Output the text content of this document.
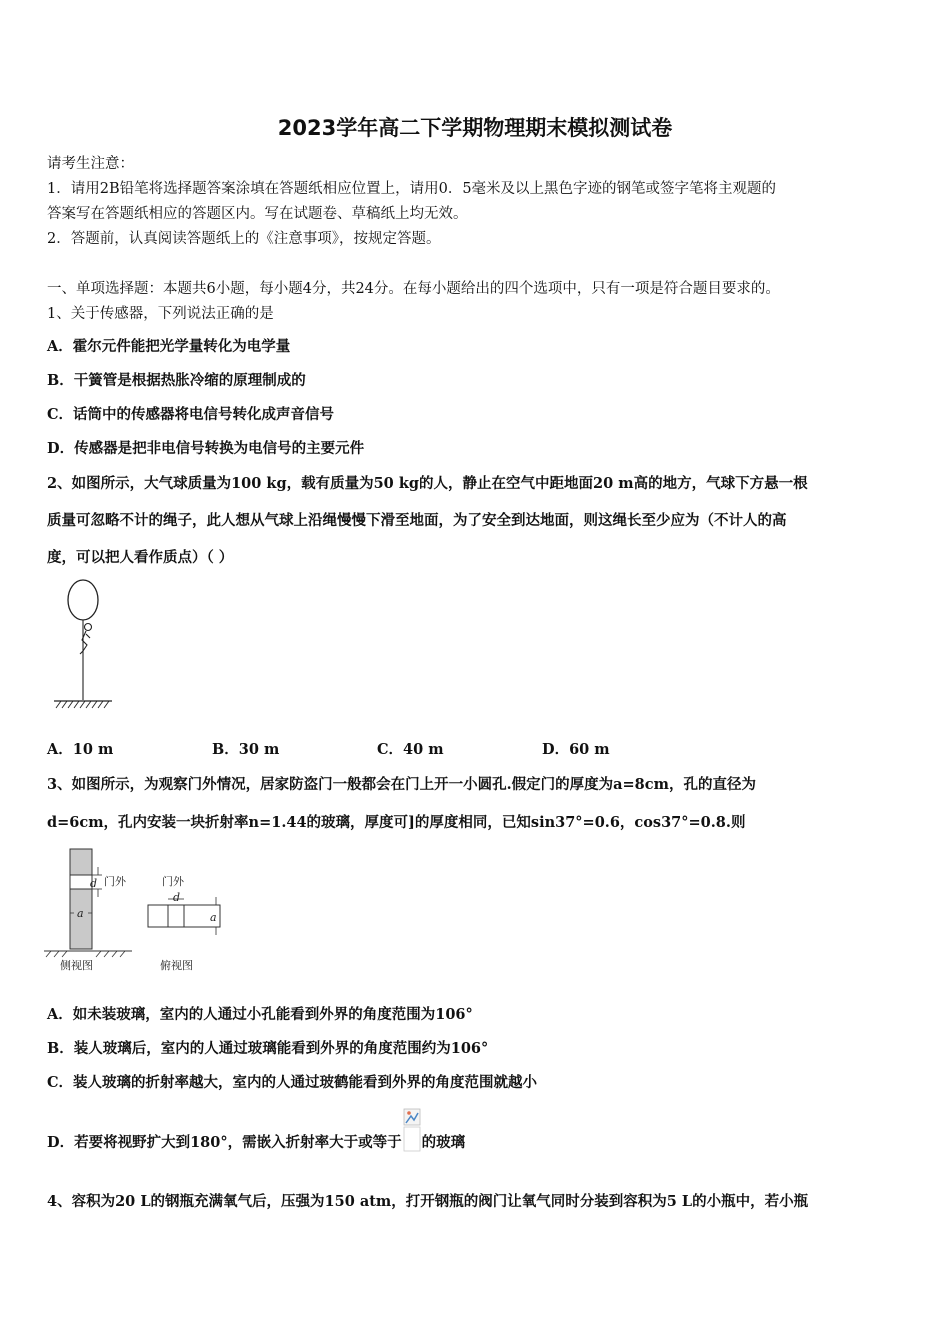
2023学年高二下学期物理期末模拟测试卷
请考生注意：
1．请用2B铅笔将选择题答案涂填在答题纸相应位置上，请用0．5毫米及以上黑色字迹的钢笔或签字笔将主观题的
答案写在答题纸相应的答题区内。写在试题卷、草稿纸上均无效。
2．答题前，认真阅读答题纸上的《注意事项》，按规定答题。
一、单项选择题：本题共6小题，每小题4分，共24分。在每小题给出的四个选项中，只有一项是符合题目要求的。
1、关于传感器，下列说法正确的是
A．霍尔元件能把光学量转化为电学量
B．干簧管是根据热胀冷缩的原理制成的
C．话筒中的传感器将电信号转化成声音信号
D．传感器是把非电信号转换为电信号的主要元件
2、如图所示，大气球质量为100 kg，载有质量为50 kg的人，静止在空气中距地面20 m高的地方，气球下方悬一根
质量可忽略不计的绳子，此人想从气球上沿绳慢慢下滑至地面，为了安全到达地面，则这绳长至少应为（不计人的高
度，可以把人看作质点）（ ）
A．10 m	B．30 m	C．40 m	D．60 m
3、如图所示，为观察门外情况，居家防盗门一般都会在门上开一小圆孔.假定门的厚度为a=8cm，孔的直径为
d=6cm，孔内安装一块折射率n=1.44的玻璃，厚度可]的厚度相同，已知sin37°=0.6，cos37°=0.8.则
d 门外
a
侧视图
门外
d
a
俯视图
A．如未装玻璃，室内的人通过小孔能看到外界的角度范围为106°
B．装人玻璃后，室内的人通过玻璃能看到外界的角度范围约为106°
C．装人玻璃的折射率越大，室内的人通过玻鹤能看到外界的角度范围就越小
D．若要将视野扩大到180°，需嵌入折射率大于或等于 的玻璃
4、容积为20 L的钢瓶充满氧气后，压强为150 atm，打开钢瓶的阀门让氧气同时分装到容积为5 L的小瓶中，若小瓶
